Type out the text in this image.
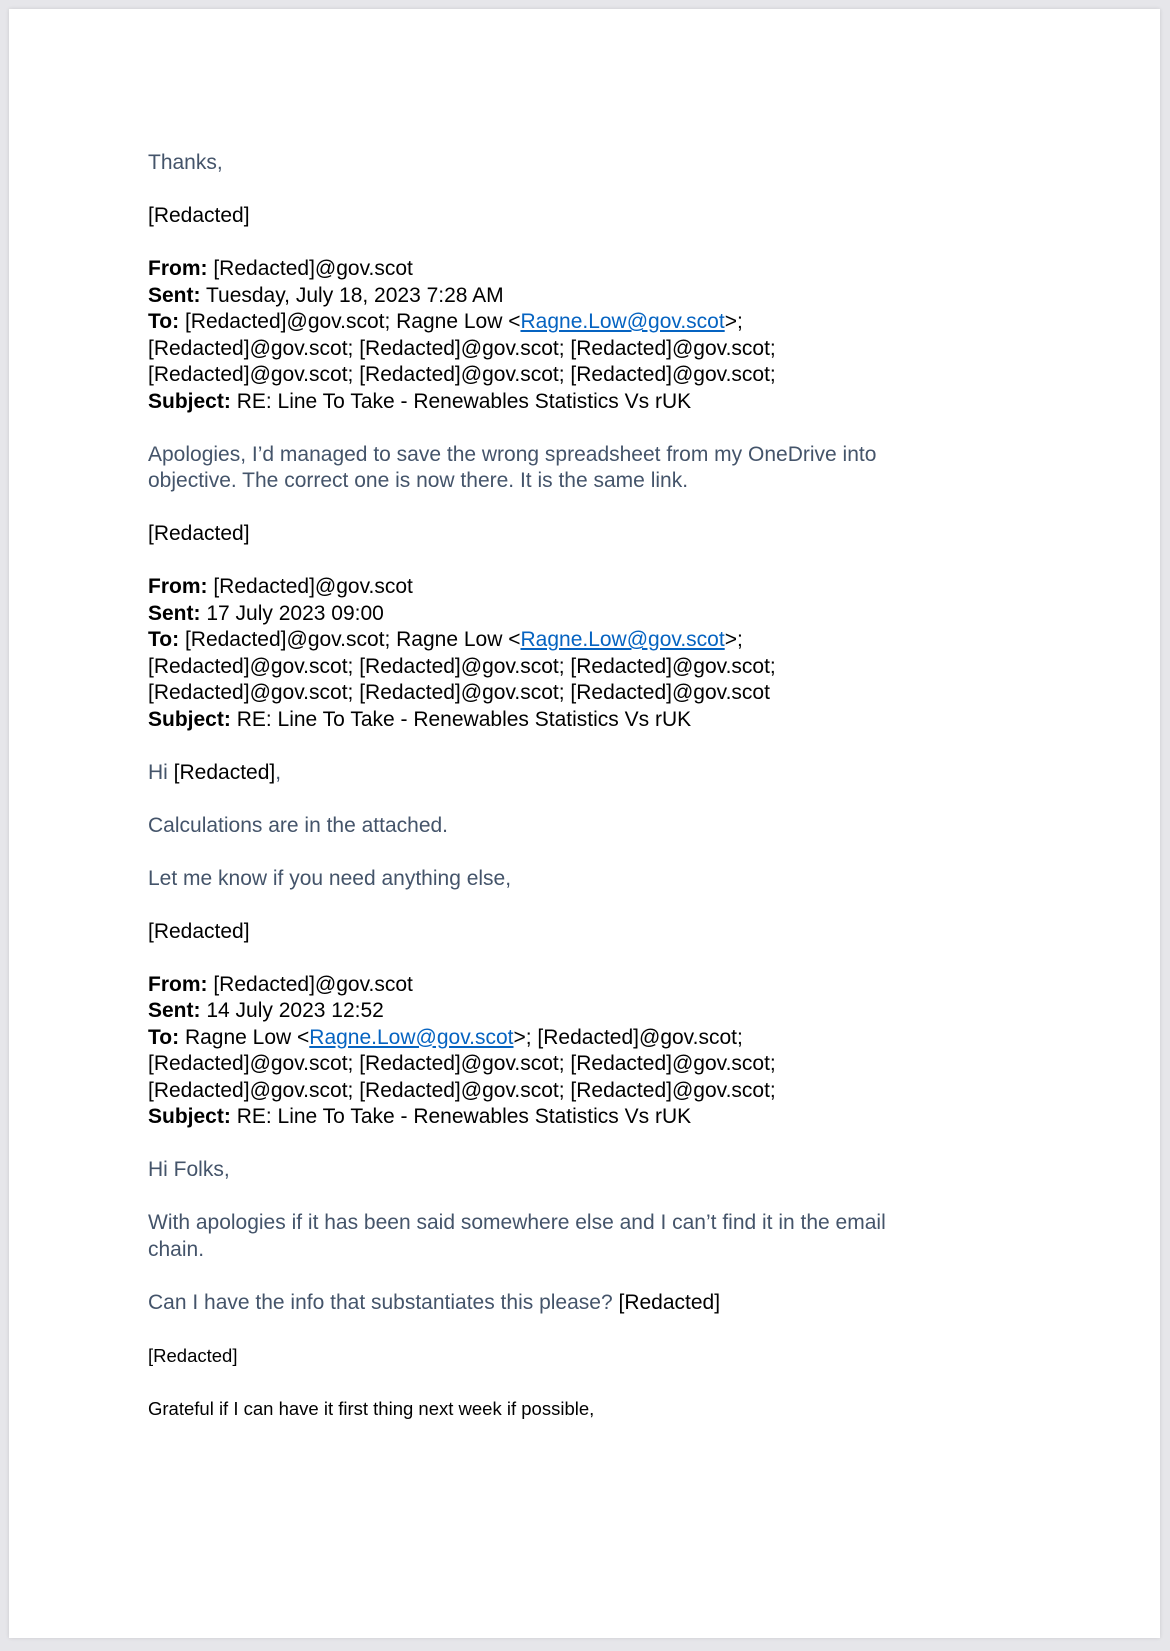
Thanks,

[Redacted]

From: [Redacted]@gov.scot

Sent: Tuesday, July 18, 2023 7:28 AM

To: [Redacted]@gov.scot; Ragne Low <Ragne.Low@gov.scot>;

[Redacted]@gov.scot; [Redacted]@gov.scot; [Redacted]@gov.scot;

[Redacted]@gov.scot; [Redacted]@gov.scot; [Redacted]@gov.scot;

Subject: RE: Line To Take - Renewables Statistics Vs rUK

Apologies, I’d managed to save the wrong spreadsheet from my OneDrive into

objective. The correct one is now there. It is the same link.

[Redacted]

From: [Redacted]@gov.scot

Sent: 17 July 2023 09:00

To: [Redacted]@gov.scot; Ragne Low <Ragne.Low@gov.scot>;

[Redacted]@gov.scot; [Redacted]@gov.scot; [Redacted]@gov.scot;

[Redacted]@gov.scot; [Redacted]@gov.scot; [Redacted]@gov.scot

Subject: RE: Line To Take - Renewables Statistics Vs rUK

Hi [Redacted],

Calculations are in the attached.

Let me know if you need anything else,

[Redacted]

From: [Redacted]@gov.scot

Sent: 14 July 2023 12:52

To: Ragne Low <Ragne.Low@gov.scot>; [Redacted]@gov.scot;

[Redacted]@gov.scot; [Redacted]@gov.scot; [Redacted]@gov.scot;

[Redacted]@gov.scot; [Redacted]@gov.scot; [Redacted]@gov.scot;

Subject: RE: Line To Take - Renewables Statistics Vs rUK

Hi Folks,

With apologies if it has been said somewhere else and I can’t find it in the email

chain.

Can I have the info that substantiates this please? [Redacted]

[Redacted]

Grateful if I can have it first thing next week if possible,
